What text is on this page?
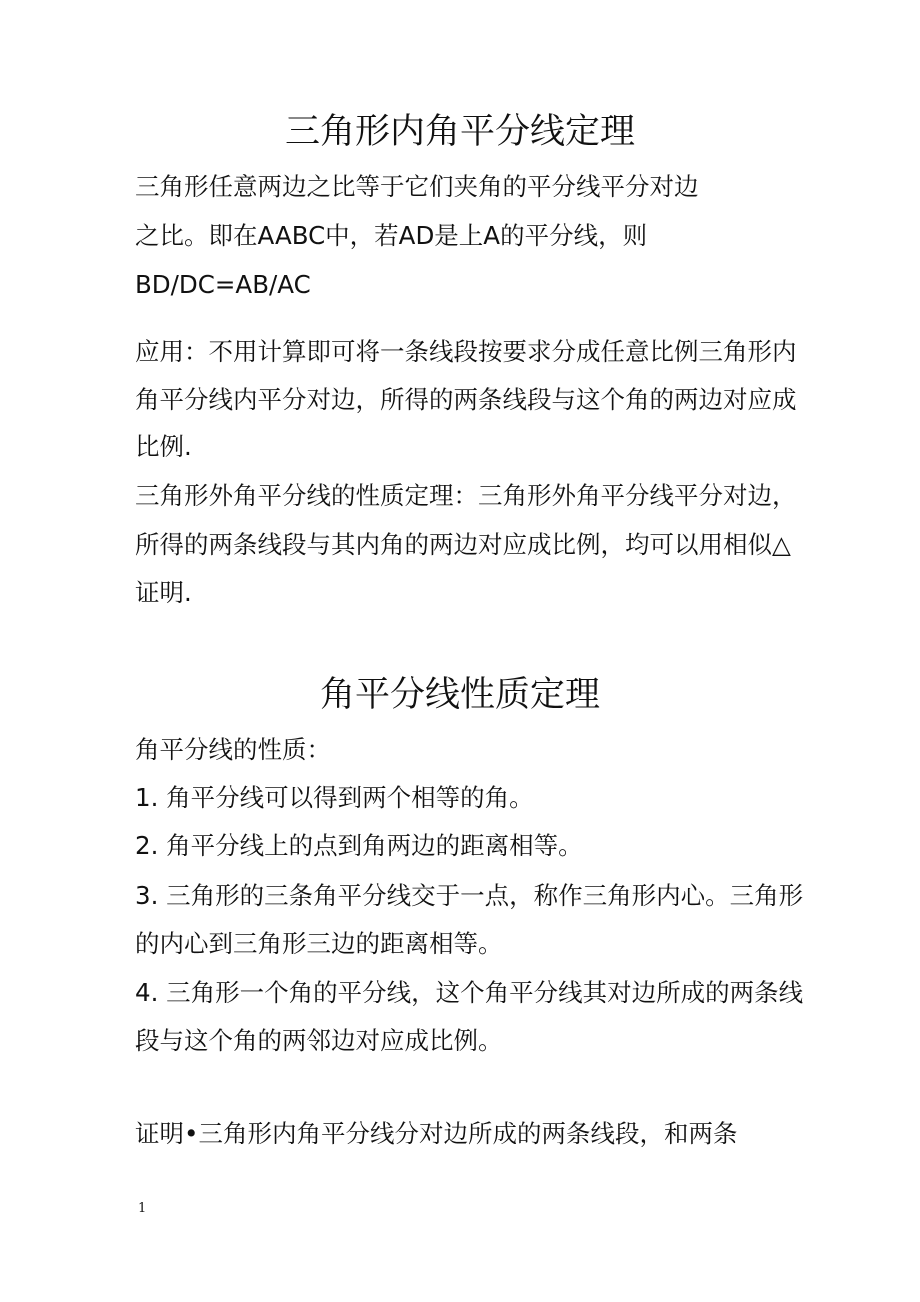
三角形内角平分线定理
三角形任意两边之比等于它们夹角的平分线平分对边
之比。即在AABC中，若AD是上A的平分线，则
BD/DC=AB/AC
应用：不用计算即可将一条线段按要求分成任意比例三角形内
角平分线内平分对边，所得的两条线段与这个角的两边对应成
比例.
三角形外角平分线的性质定理：三角形外角平分线平分对边，
所得的两条线段与其内角的两边对应成比例，均可以用相似△
证明.
角平分线性质定理
角平分线的性质：
1. 角平分线可以得到两个相等的角。
2. 角平分线上的点到角两边的距离相等。
3. 三角形的三条角平分线交于一点，称作三角形内心。三角形
的内心到三角形三边的距离相等。
4. 三角形一个角的平分线，这个角平分线其对边所成的两条线
段与这个角的两邻边对应成比例。
证明•三角形内角平分线分对边所成的两条线段，和两条
1
